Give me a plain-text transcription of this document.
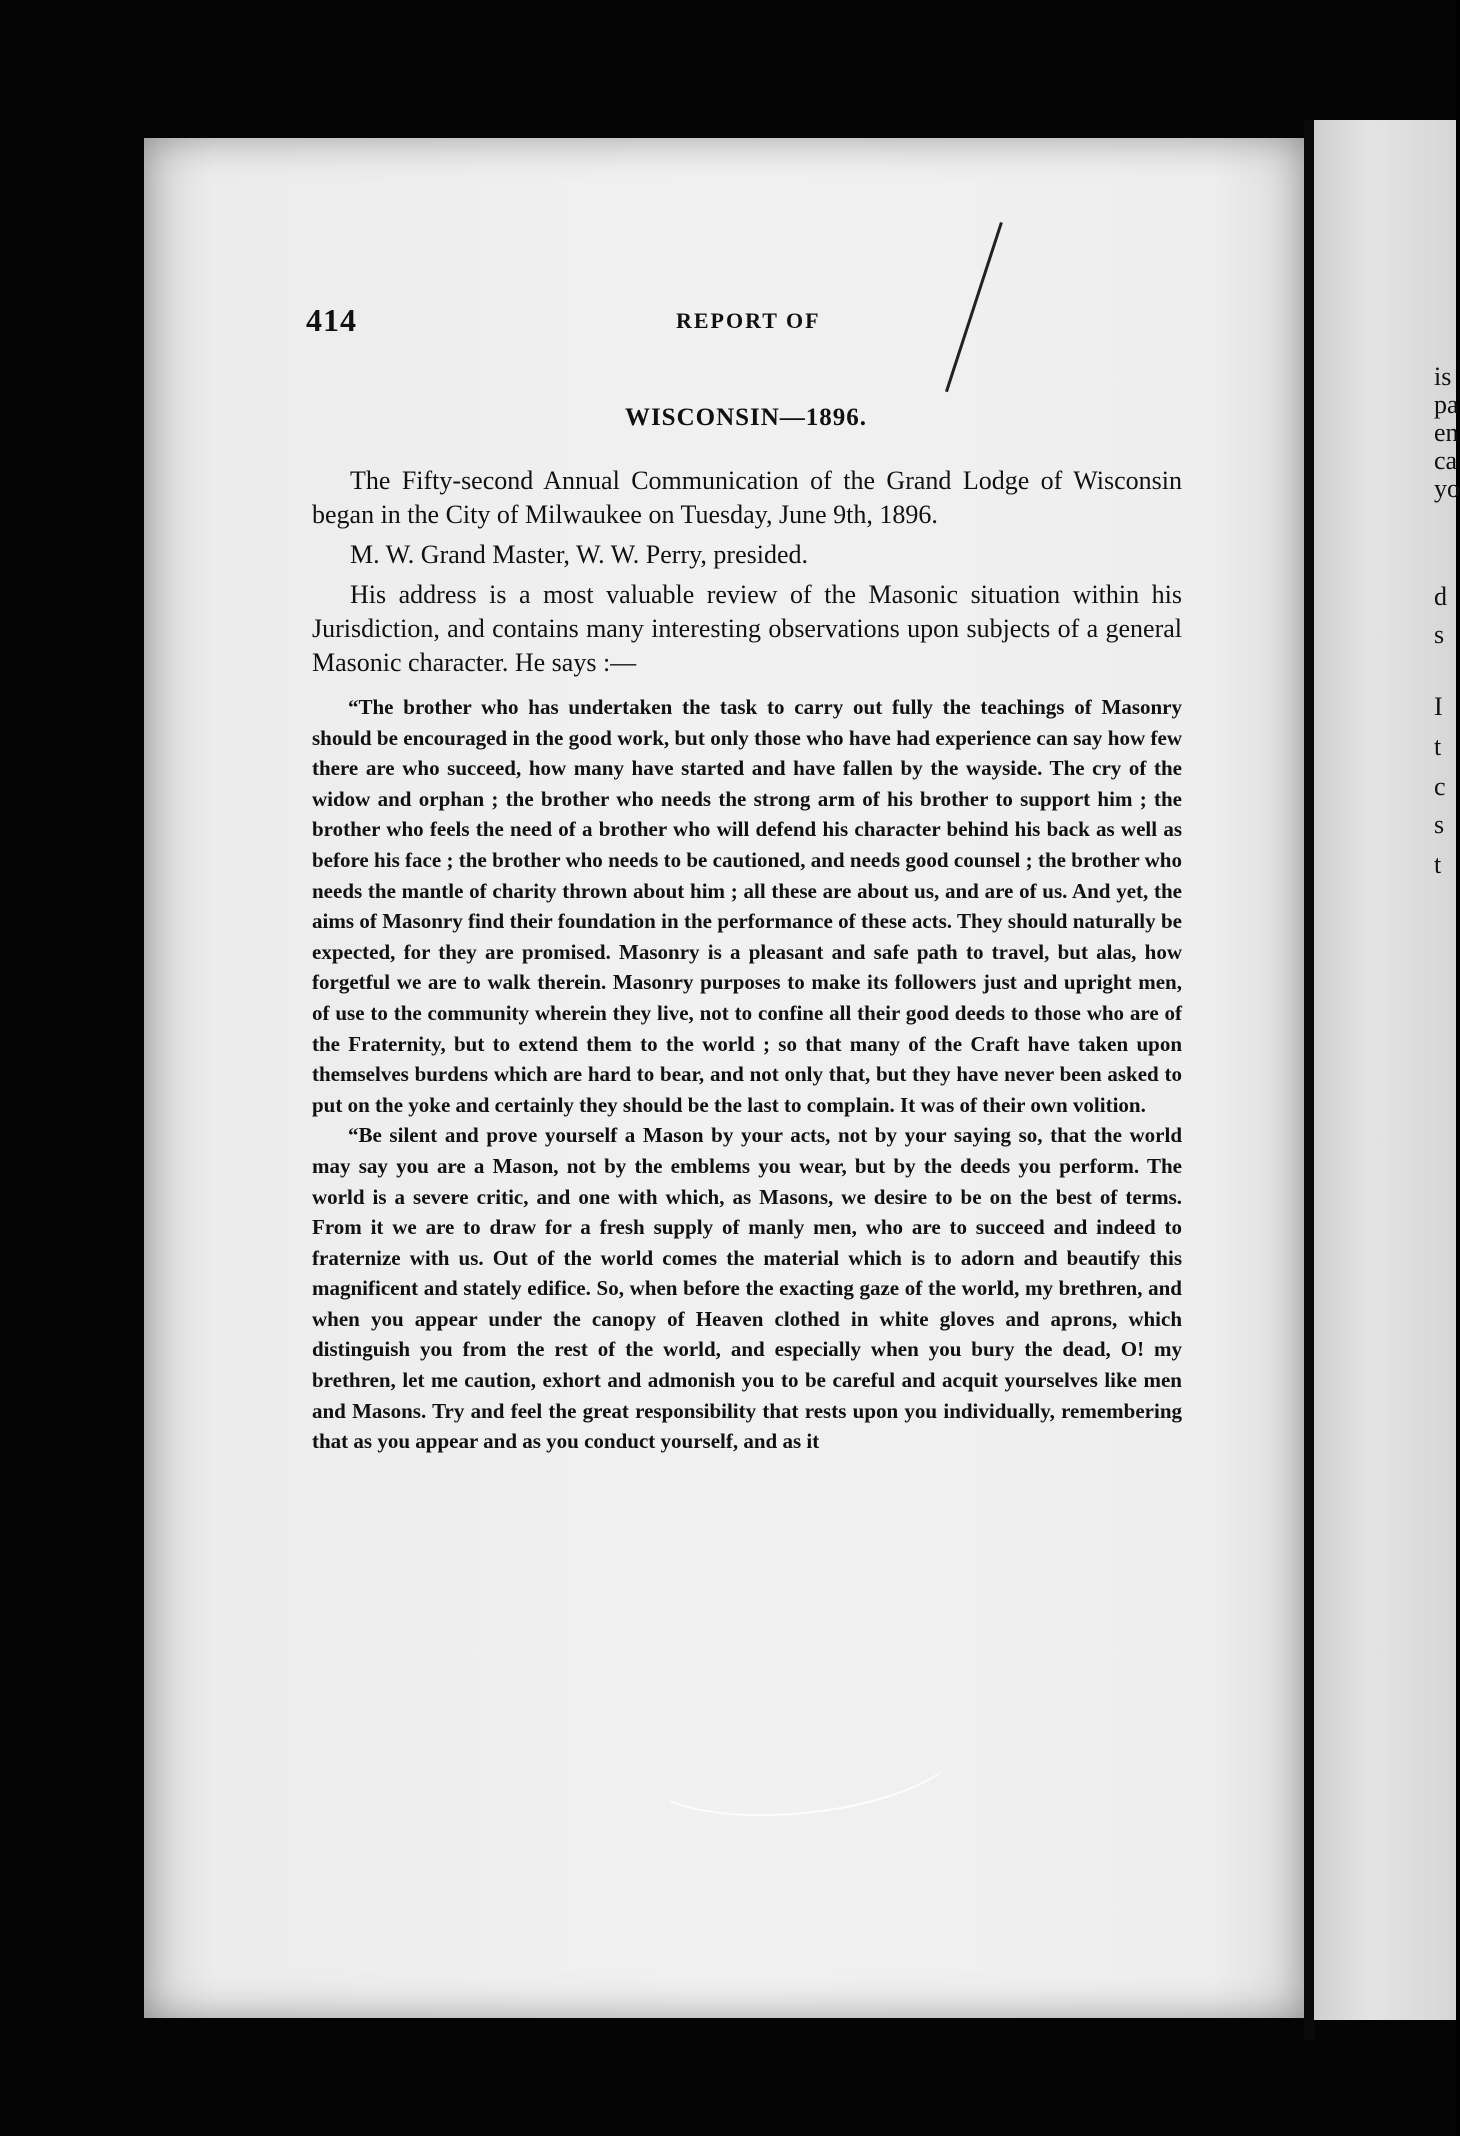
is
pa
en
ca
yo
d
s
I
t
c
s
t
414	REPORT OF
WISCONSIN—1896.

The Fifty-second Annual Communication of the Grand Lodge of Wisconsin began in the City of Milwaukee on Tuesday, June 9th, 1896.

M. W. Grand Master, W. W. Perry, presided.

His address is a most valuable review of the Masonic situation within his Jurisdiction, and contains many interesting observations upon subjects of a general Masonic character. He says :—

“The brother who has undertaken the task to carry out fully the teachings of Masonry should be encouraged in the good work, but only those who have had experience can say how few there are who succeed, how many have started and have fallen by the wayside. The cry of the widow and orphan ; the brother who needs the strong arm of his brother to support him ; the brother who feels the need of a brother who will defend his character behind his back as well as before his face ; the brother who needs to be cautioned, and needs good counsel ; the brother who needs the mantle of charity thrown about him ; all these are about us, and are of us. And yet, the aims of Masonry find their foundation in the performance of these acts. They should naturally be expected, for they are promised. Masonry is a pleasant and safe path to travel, but alas, how forgetful we are to walk therein. Masonry purposes to make its followers just and upright men, of use to the community wherein they live, not to confine all their good deeds to those who are of the Fraternity, but to extend them to the world ; so that many of the Craft have taken upon themselves burdens which are hard to bear, and not only that, but they have never been asked to put on the yoke and certainly they should be the last to complain. It was of their own volition.

“Be silent and prove yourself a Mason by your acts, not by your saying so, that the world may say you are a Mason, not by the emblems you wear, but by the deeds you perform. The world is a severe critic, and one with which, as Masons, we desire to be on the best of terms. From it we are to draw for a fresh supply of manly men, who are to succeed and indeed to fraternize with us. Out of the world comes the material which is to adorn and beautify this magnificent and stately edifice. So, when before the exacting gaze of the world, my brethren, and when you appear under the canopy of Heaven clothed in white gloves and aprons, which distinguish you from the rest of the world, and especially when you bury the dead, O! my brethren, let me caution, exhort and admonish you to be careful and acquit yourselves like men and Masons. Try and feel the great responsibility that rests upon you individually, remembering that as you appear and as you conduct yourself, and as it
